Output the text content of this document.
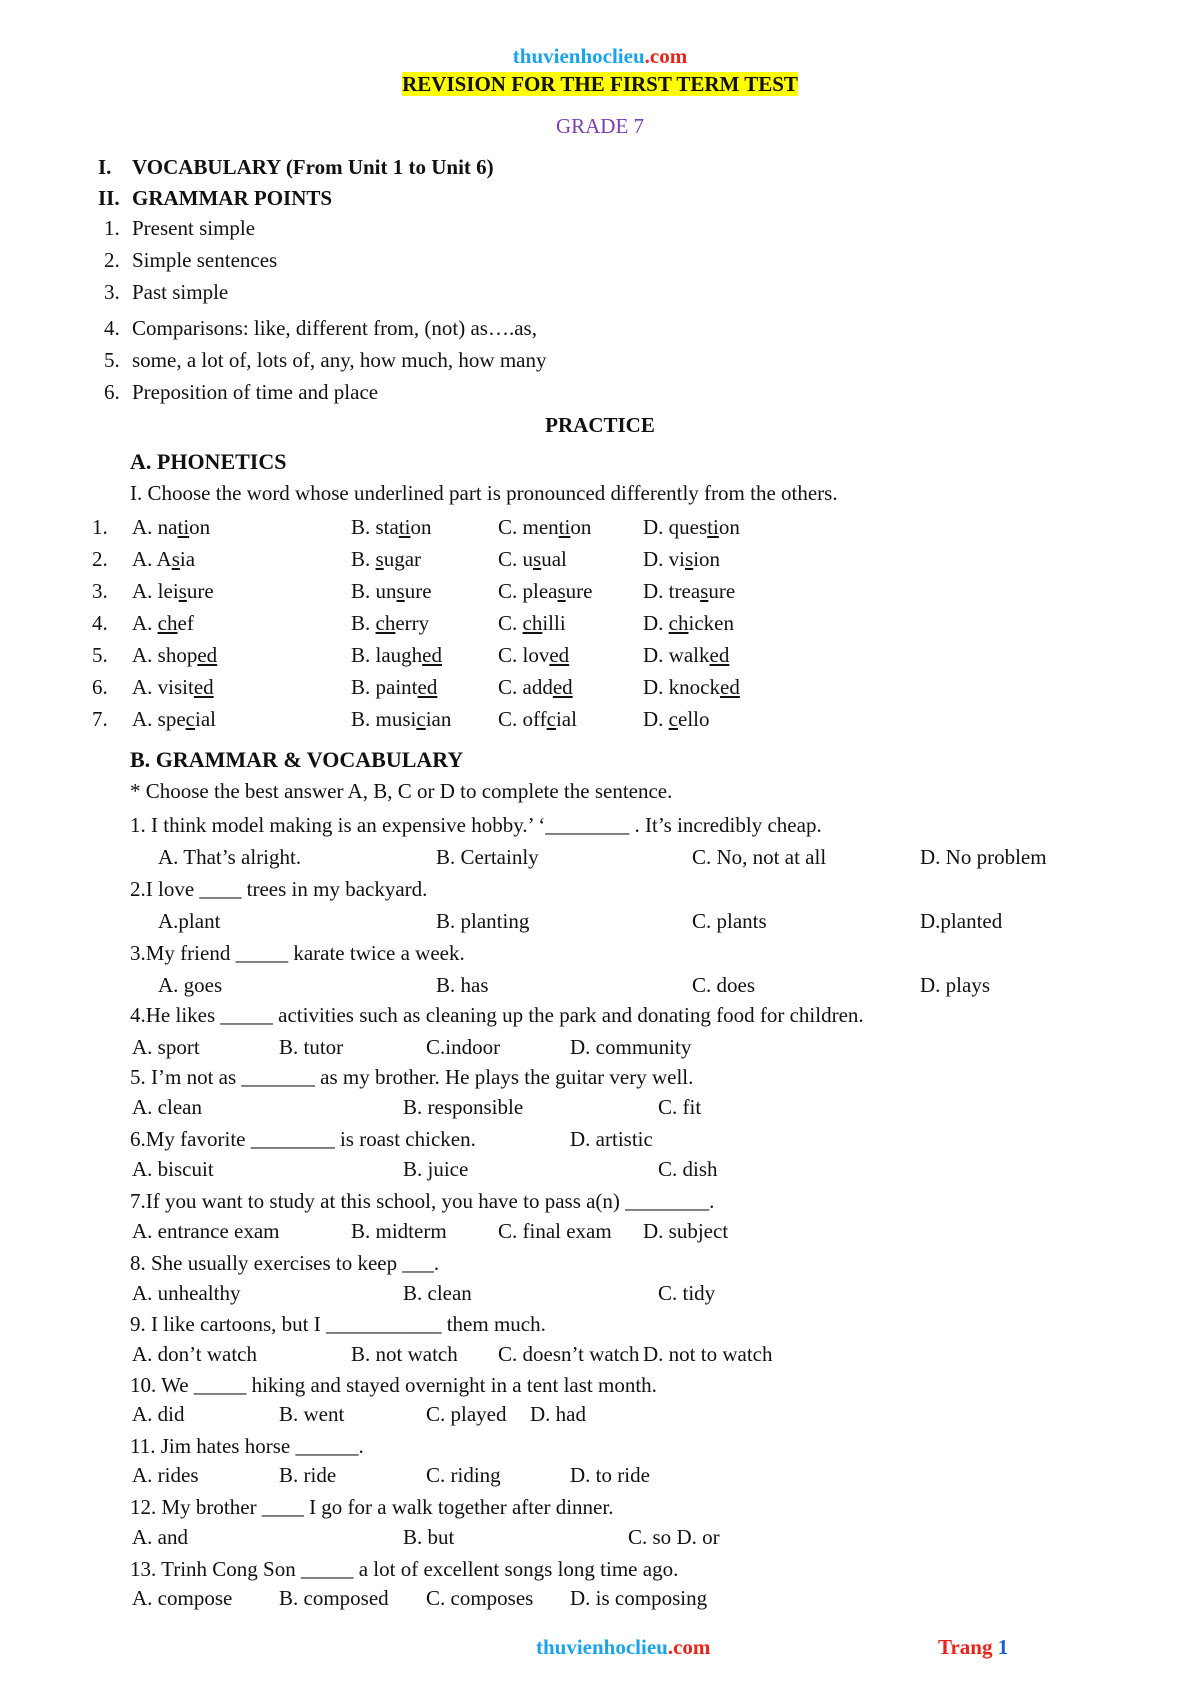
thuvienhoclieu.com
REVISION FOR THE FIRST TERM TEST
GRADE 7
I. VOCABULARY (From Unit 1 to Unit 6)
II. GRAMMAR POINTS
1. Present simple
2. Simple sentences
3. Past simple
4. Comparisons: like, different from, (not) as….as,
5. some, a lot of, lots of, any, how much, how many
6. Preposition of time and place
PRACTICE
A. PHONETICS
I. Choose the word whose underlined part is pronounced differently from the others.
1. A. nation	B. station	C. mention D. question
2. A. Asia	B. sugar	C. usual	D. vision
3. A. leisure	B. unsure	C. pleasure D. treasure
4. A. chef	B. cherry	C. chilli	D. chicken
5. A. shoped	B. laughed	C. loved	D. walked
6. A. visited	B. painted	C. added	D. knocked
7. A. special	B. musician C. offcial	D. cello
B. GRAMMAR & VOCABULARY
* Choose the best answer A, B, C or D to complete the sentence.
1. I think model making is an expensive hobby.’ ‘________ . It’s incredibly cheap.
A. That’s alright.	B. Certainly	C. No, not at all	D. No problem
2.I love ____ trees in my backyard.
A.plant	B. planting	C. plants	D.planted
3.My friend _____ karate twice a week.
A. goes	B. has	C. does	D. plays
4.He likes _____ activities such as cleaning up the park and donating food for children.
A. sport	B. tutor	C.indoor	D. community
5. I’m not as _______ as my brother. He plays the guitar very well.
A. clean	B. responsible	C. fit
6.My favorite ________ is roast chicken.	D. artistic
A. biscuit	B. juice	C. dish
7.If you want to study at this school, you have to pass a(n) ________.
A. entrance exam	B. midterm C. final exam D. subject
8. She usually exercises to keep ___.
A. unhealthy	B. clean	C. tidy
9. I like cartoons, but I ___________ them much.
A. don’t watch	B. not watch C. doesn’t watch D. not to watch
10. We _____ hiking and stayed overnight in a tent last month.
A. did	B. went	C. played D. had
11. Jim hates horse ______.
A. rides	B. ride	C. riding	D. to ride
12. My brother ____ I go for a walk together after dinner.
A. and	B. but	C. so D. or
13. Trinh Cong Son _____ a lot of excellent songs long time ago.
A. compose B. composed C. composes D. is composing
thuvienhoclieu.com	Trang 1
